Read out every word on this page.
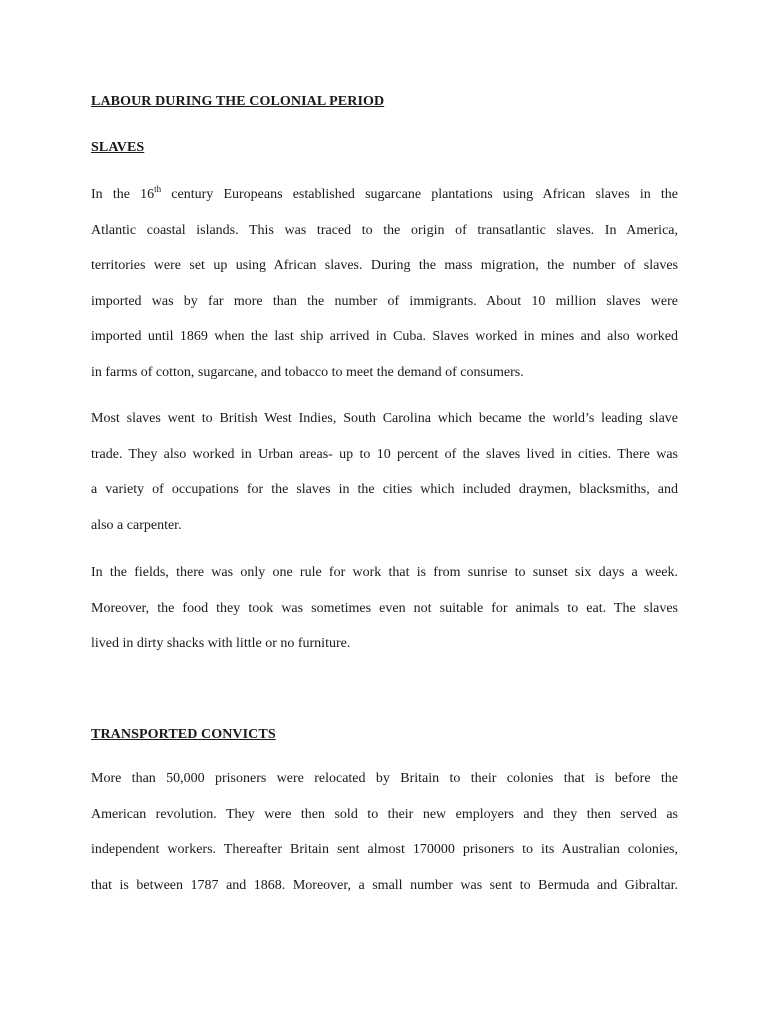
LABOUR DURING THE COLONIAL PERIOD
SLAVES

In the 16th century Europeans established sugarcane plantations using African slaves in the
Atlantic coastal islands. This was traced to the origin of transatlantic slaves. In America,
territories were set up using African slaves. During the mass migration, the number of slaves
imported was by far more than the number of immigrants. About 10 million slaves were
imported until 1869 when the last ship arrived in Cuba. Slaves worked in mines and also worked
in farms of cotton, sugarcane, and tobacco to meet the demand of consumers.

Most slaves went to British West Indies, South Carolina which became the world’s leading slave
trade. They also worked in Urban areas- up to 10 percent of the slaves lived in cities. There was
a variety of occupations for the slaves in the cities which included draymen, blacksmiths, and
also a carpenter.

In the fields, there was only one rule for work that is from sunrise to sunset six days a week.
Moreover, the food they took was sometimes even not suitable for animals to eat. The slaves
lived in dirty shacks with little or no furniture.

TRANSPORTED CONVICTS

More than 50,000 prisoners were relocated by Britain to their colonies that is before the
American revolution. They were then sold to their new employers and they then served as
independent workers. Thereafter Britain sent almost 170000 prisoners to its Australian colonies,
that is between 1787 and 1868. Moreover, a small number was sent to Bermuda and Gibraltar.
